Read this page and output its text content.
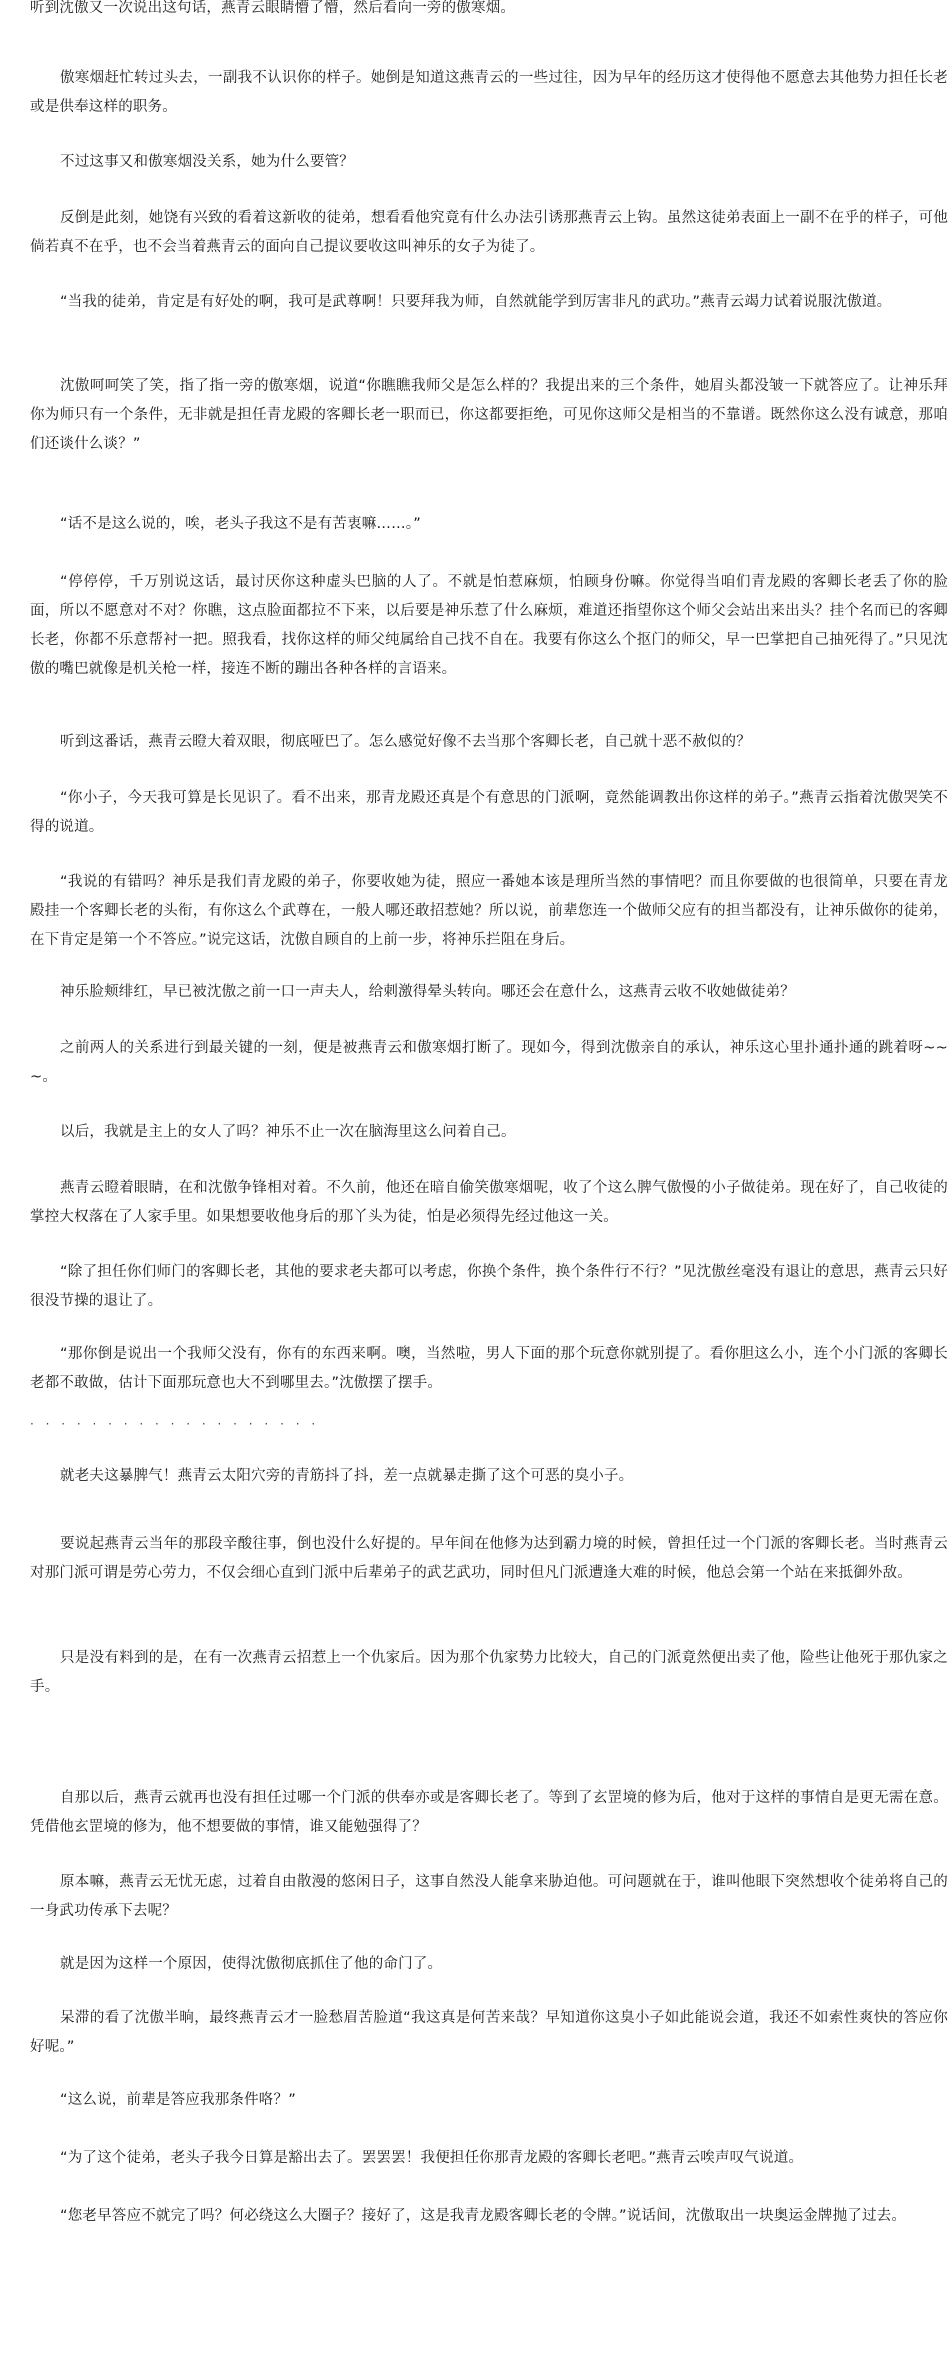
听到沈傲又一次说出这句话，燕青云眼睛懵了懵，然后看向一旁的傲寒烟。

傲寒烟赶忙转过头去，一副我不认识你的样子。她倒是知道这燕青云的一些过往，因为早年的经历这才使得他不愿意去其他势力担任长老或是供奉这样的职务。

不过这事又和傲寒烟没关系，她为什么要管？

反倒是此刻，她饶有兴致的看着这新收的徒弟，想看看他究竟有什么办法引诱那燕青云上钩。虽然这徒弟表面上一副不在乎的样子，可他倘若真不在乎，也不会当着燕青云的面向自己提议要收这叫神乐的女子为徒了。

“当我的徒弟，肯定是有好处的啊，我可是武尊啊！只要拜我为师，自然就能学到厉害非凡的武功。”燕青云竭力试着说服沈傲道。

沈傲呵呵笑了笑，指了指一旁的傲寒烟，说道“你瞧瞧我师父是怎么样的？我提出来的三个条件，她眉头都没皱一下就答应了。让神乐拜你为师只有一个条件，无非就是担任青龙殿的客卿长老一职而已，你这都要拒绝，可见你这师父是相当的不靠谱。既然你这么没有诚意，那咱们还谈什么谈？”

“话不是这么说的，唉，老头子我这不是有苦衷嘛……。”

“停停停，千万别说这话，最讨厌你这种虚头巴脑的人了。不就是怕惹麻烦，怕顾身份嘛。你觉得当咱们青龙殿的客卿长老丢了你的脸面，所以不愿意对不对？你瞧，这点脸面都拉不下来，以后要是神乐惹了什么麻烦，难道还指望你这个师父会站出来出头？挂个名而已的客卿长老，你都不乐意帮衬一把。照我看，找你这样的师父纯属给自己找不自在。我要有你这么个抠门的师父，早一巴掌把自己抽死得了。”只见沈傲的嘴巴就像是机关枪一样，接连不断的蹦出各种各样的言语来。

听到这番话，燕青云瞪大着双眼，彻底哑巴了。怎么感觉好像不去当那个客卿长老，自己就十恶不赦似的？

“你小子，今天我可算是长见识了。看不出来，那青龙殿还真是个有意思的门派啊，竟然能调教出你这样的弟子。”燕青云指着沈傲哭笑不得的说道。

“我说的有错吗？神乐是我们青龙殿的弟子，你要收她为徒，照应一番她本该是理所当然的事情吧？而且你要做的也很简单，只要在青龙殿挂一个客卿长老的头衔，有你这么个武尊在，一般人哪还敢招惹她？所以说，前辈您连一个做师父应有的担当都没有，让神乐做你的徒弟，在下肯定是第一个不答应。”说完这话，沈傲自顾自的上前一步，将神乐拦阻在身后。

神乐脸颊绯红，早已被沈傲之前一口一声夫人，给刺激得晕头转向。哪还会在意什么，这燕青云收不收她做徒弟？

之前两人的关系进行到最关键的一刻，便是被燕青云和傲寒烟打断了。现如今，得到沈傲亲自的承认，神乐这心里扑通扑通的跳着呀~~~。

以后，我就是主上的女人了吗？神乐不止一次在脑海里这么问着自己。

燕青云瞪着眼睛，在和沈傲争锋相对着。不久前，他还在暗自偷笑傲寒烟呢，收了个这么脾气傲慢的小子做徒弟。现在好了，自己收徒的掌控大权落在了人家手里。如果想要收他身后的那丫头为徒，怕是必须得先经过他这一关。

“除了担任你们师门的客卿长老，其他的要求老夫都可以考虑，你换个条件，换个条件行不行？”见沈傲丝毫没有退让的意思，燕青云只好很没节操的退让了。

“那你倒是说出一个我师父没有，你有的东西来啊。噢，当然啦，男人下面的那个玩意你就别提了。看你胆这么小，连个小门派的客卿长老都不敢做，估计下面那玩意也大不到哪里去。”沈傲摆了摆手。

· · · · · · · · · · · · · · · · · · ·

就老夫这暴脾气！燕青云太阳穴旁的青筋抖了抖，差一点就暴走撕了这个可恶的臭小子。

要说起燕青云当年的那段辛酸往事，倒也没什么好提的。早年间在他修为达到霸力境的时候，曾担任过一个门派的客卿长老。当时燕青云对那门派可谓是劳心劳力，不仅会细心直到门派中后辈弟子的武艺武功，同时但凡门派遭逢大难的时候，他总会第一个站在来抵御外敌。

只是没有料到的是，在有一次燕青云招惹上一个仇家后。因为那个仇家势力比较大，自己的门派竟然便出卖了他，险些让他死于那仇家之手。

自那以后，燕青云就再也没有担任过哪一个门派的供奉亦或是客卿长老了。等到了玄罡境的修为后，他对于这样的事情自是更无需在意。凭借他玄罡境的修为，他不想要做的事情，谁又能勉强得了？

原本嘛，燕青云无忧无虑，过着自由散漫的悠闲日子，这事自然没人能拿来胁迫他。可问题就在于，谁叫他眼下突然想收个徒弟将自己的一身武功传承下去呢？

就是因为这样一个原因，使得沈傲彻底抓住了他的命门了。

呆滞的看了沈傲半晌，最终燕青云才一脸愁眉苦脸道“我这真是何苦来哉？早知道你这臭小子如此能说会道，我还不如索性爽快的答应你好呢。”

“这么说，前辈是答应我那条件咯？”

“为了这个徒弟，老头子我今日算是豁出去了。罢罢罢！我便担任你那青龙殿的客卿长老吧。”燕青云唉声叹气说道。

“您老早答应不就完了吗？何必绕这么大圈子？接好了，这是我青龙殿客卿长老的令牌。”说话间，沈傲取出一块奥运金牌抛了过去。
